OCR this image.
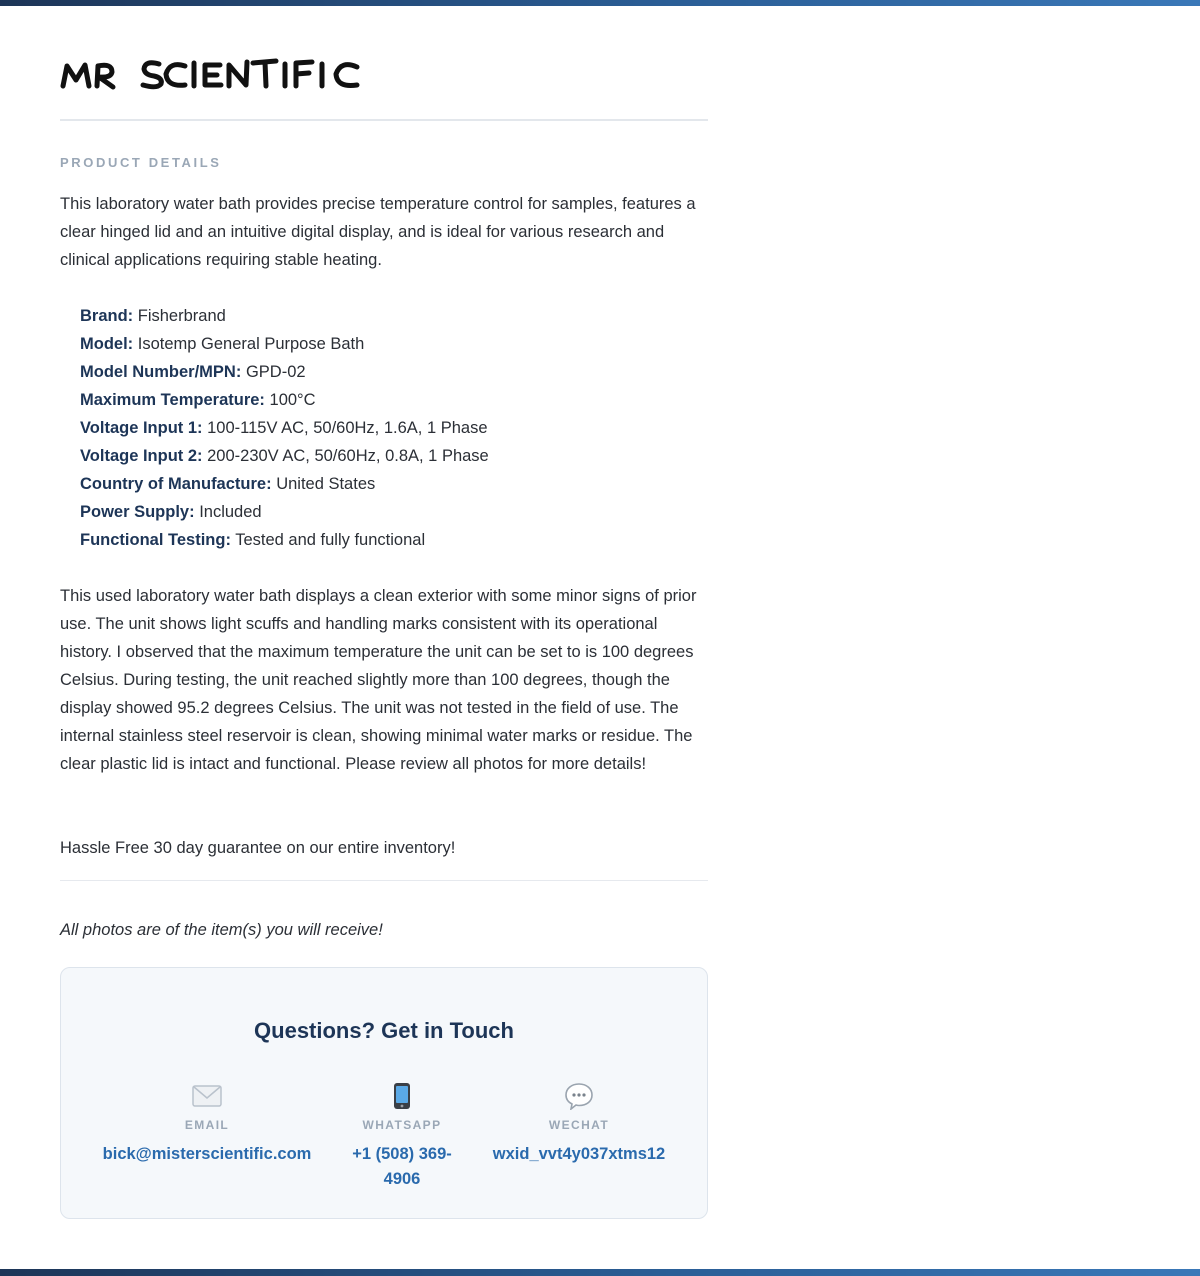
PRODUCT DETAILS

This laboratory water bath provides precise temperature control for samples, features a clear hinged lid and an intuitive digital display, and is ideal for various research and clinical applications requiring stable heating.

Brand: Fisherbrand
Model: Isotemp General Purpose Bath
Model Number/MPN: GPD-02
Maximum Temperature: 100°C
Voltage Input 1: 100-115V AC, 50/60Hz, 1.6A, 1 Phase
Voltage Input 2: 200-230V AC, 50/60Hz, 0.8A, 1 Phase
Country of Manufacture: United States
Power Supply: Included
Functional Testing: Tested and fully functional

This used laboratory water bath displays a clean exterior with some minor signs of prior use. The unit shows light scuffs and handling marks consistent with its operational history. I observed that the maximum temperature the unit can be set to is 100 degrees Celsius. During testing, the unit reached slightly more than 100 degrees, though the display showed 95.2 degrees Celsius. The unit was not tested in the field of use. The internal stainless steel reservoir is clean, showing minimal water marks or residue. The clear plastic lid is intact and functional. Please review all photos for more details!

Hassle Free 30 day guarantee on our entire inventory!

All photos are of the item(s) you will receive!
Questions? Get in Touch
EMAIL
bick@misterscientific.com
WHATSAPP
+1 (508) 369-4906
WECHAT
wxid_vvt4y037xtms12
